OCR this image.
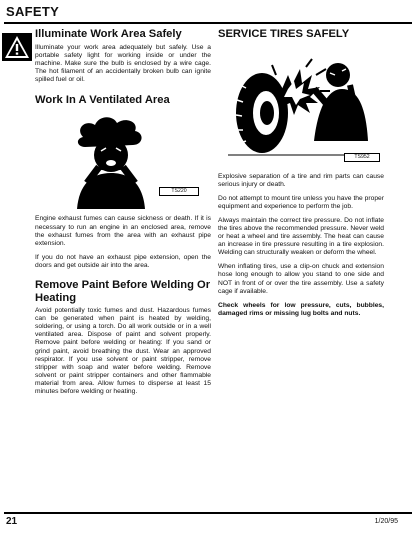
SAFETY
Illuminate Work Area Safely

Illuminate your work area adequately but safely. Use a portable safety light for working inside or under the machine. Make sure the bulb is enclosed by a wire cage. The hot filament of an accidentally broken bulb can ignite spilled fuel or oil.

Work In A Ventilated Area
TS220

Engine exhaust fumes can cause sickness or death. If it is necessary to run an engine in an enclosed area, remove the exhaust fumes from the area with an exhaust pipe extension.

If you do not have an exhaust pipe extension, open the doors and get outside air into the area.

Remove Paint Before Welding Or Heating

Avoid potentially toxic fumes and dust. Hazardous fumes can be generated when paint is heated by welding, soldering, or using a torch. Do all work outside or in a well ventilated area. Dispose of paint and solvent properly. Remove paint before welding or heating: If you sand or grind paint, avoid breathing the dust. Wear an approved respirator. If you use solvent or paint stripper, remove stripper with soap and water before welding. Remove solvent or paint stripper containers and other flammable material from area. Allow fumes to disperse at least 15 minutes before welding or heating.

SERVICE TIRES SAFELY
TS952

Explosive separation of a tire and rim parts can cause serious injury or death.

Do not attempt to mount tire unless you have the proper equipment and experience to perform the job.

Always maintain the correct tire pressure. Do not inflate the tires above the recommended pressure. Never weld or heat a wheel and tire assembly. The heat can cause an increase in tire pressure resulting in a tire explosion. Welding can structurally weaken or deform the wheel.

When inflating tires, use a clip-on chuck and extension hose long enough to allow you stand to one side and NOT in front of or over the tire assembly. Use a safety cage if available.

Check wheels for low pressure, cuts, bubbles, damaged rims or missing lug bolts and nuts.

21	1/20/95
